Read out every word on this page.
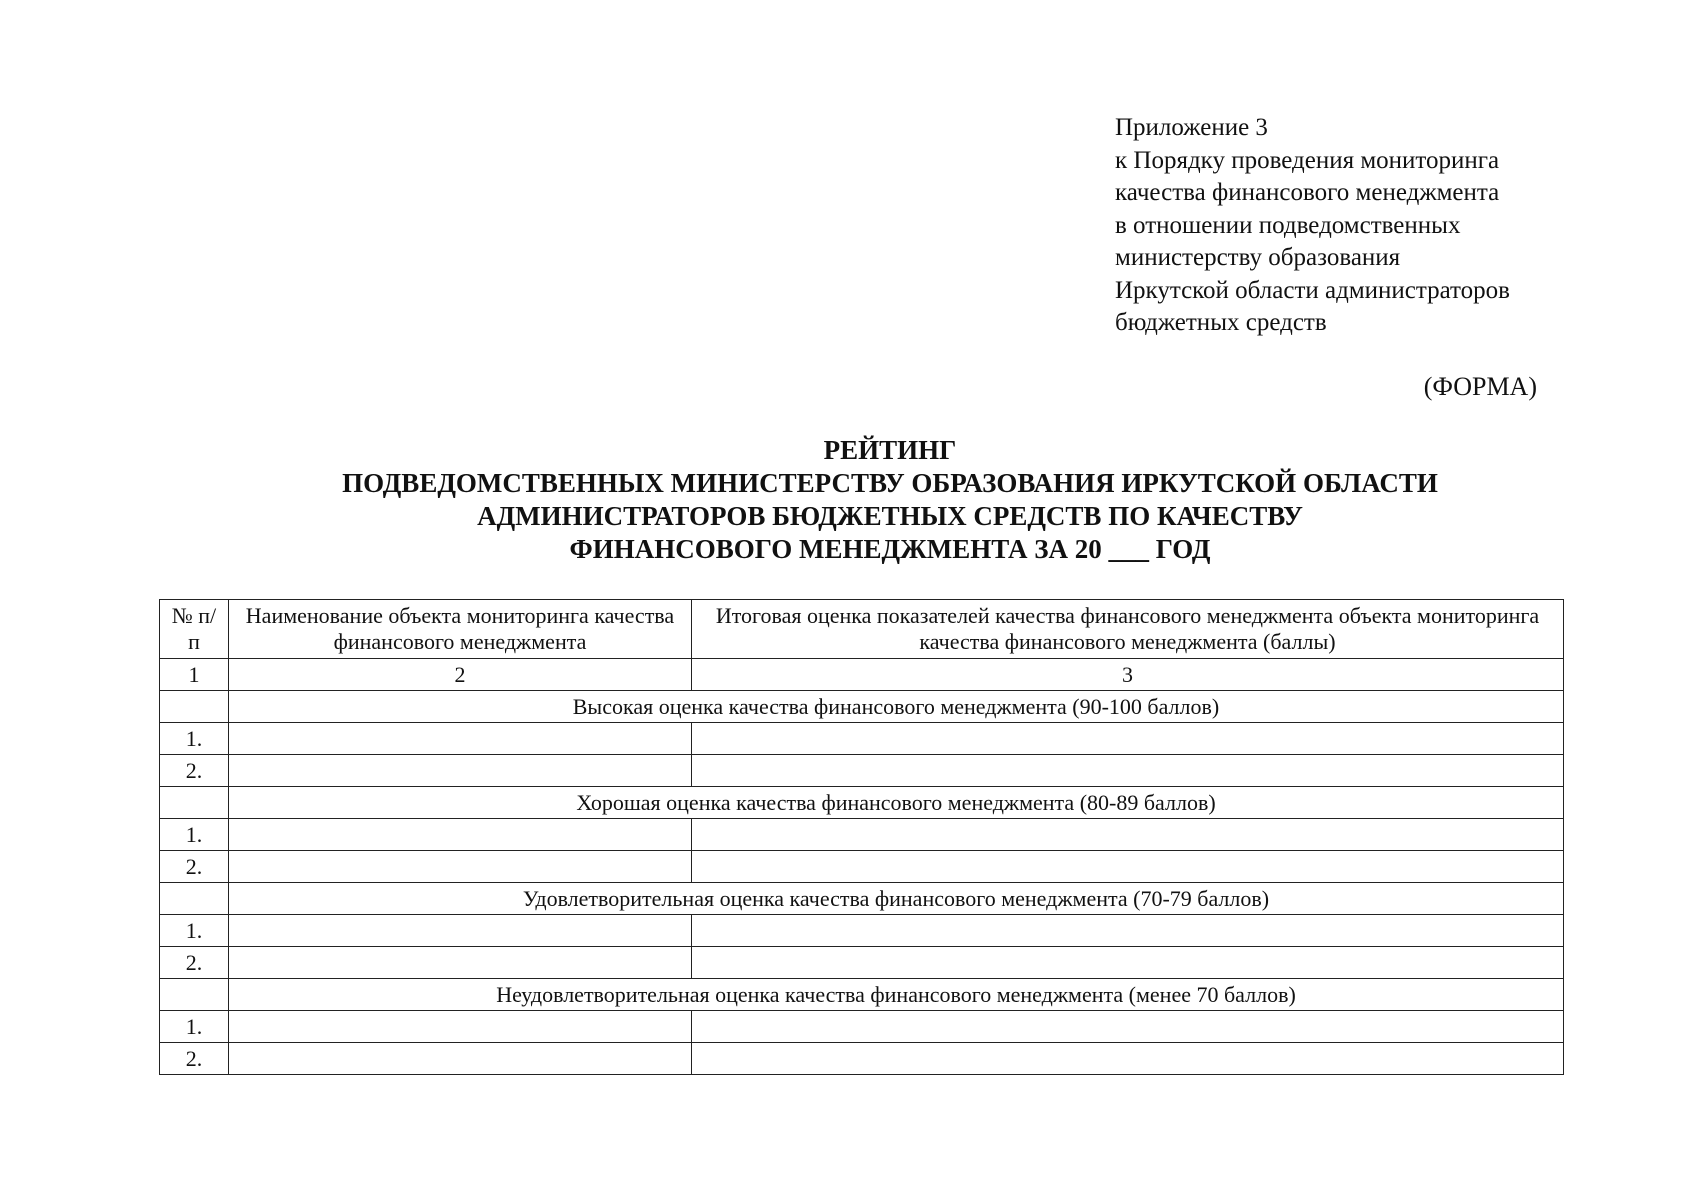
Приложение 3
к Порядку проведения мониторинга
качества финансового менеджмента
в отношении подведомственных
министерству образования
Иркутской области администраторов
бюджетных средств
(ФОРМА)
РЕЙТИНГ
ПОДВЕДОМСТВЕННЫХ МИНИСТЕРСТВУ ОБРАЗОВАНИЯ ИРКУТСКОЙ ОБЛАСТИ
АДМИНИСТРАТОРОВ БЮДЖЕТНЫХ СРЕДСТВ ПО КАЧЕСТВУ
ФИНАНСОВОГО МЕНЕДЖМЕНТА ЗА 20 ___ ГОД
№ п/п	Наименование объекта мониторинга качества финансового менеджмента	Итоговая оценка показателей качества финансового менеджмента объекта мониторинга качества финансового менеджмента (баллы)
1	2	3
	Высокая оценка качества финансового менеджмента (90-100 баллов)	
1.		
2.		
	Хорошая оценка качества финансового менеджмента (80-89 баллов)	
1.		
2.		
	Удовлетворительная оценка качества финансового менеджмента (70-79 баллов)	
1.		
2.		
	Неудовлетворительная оценка качества финансового менеджмента (менее 70 баллов)	
1.		
2.		
